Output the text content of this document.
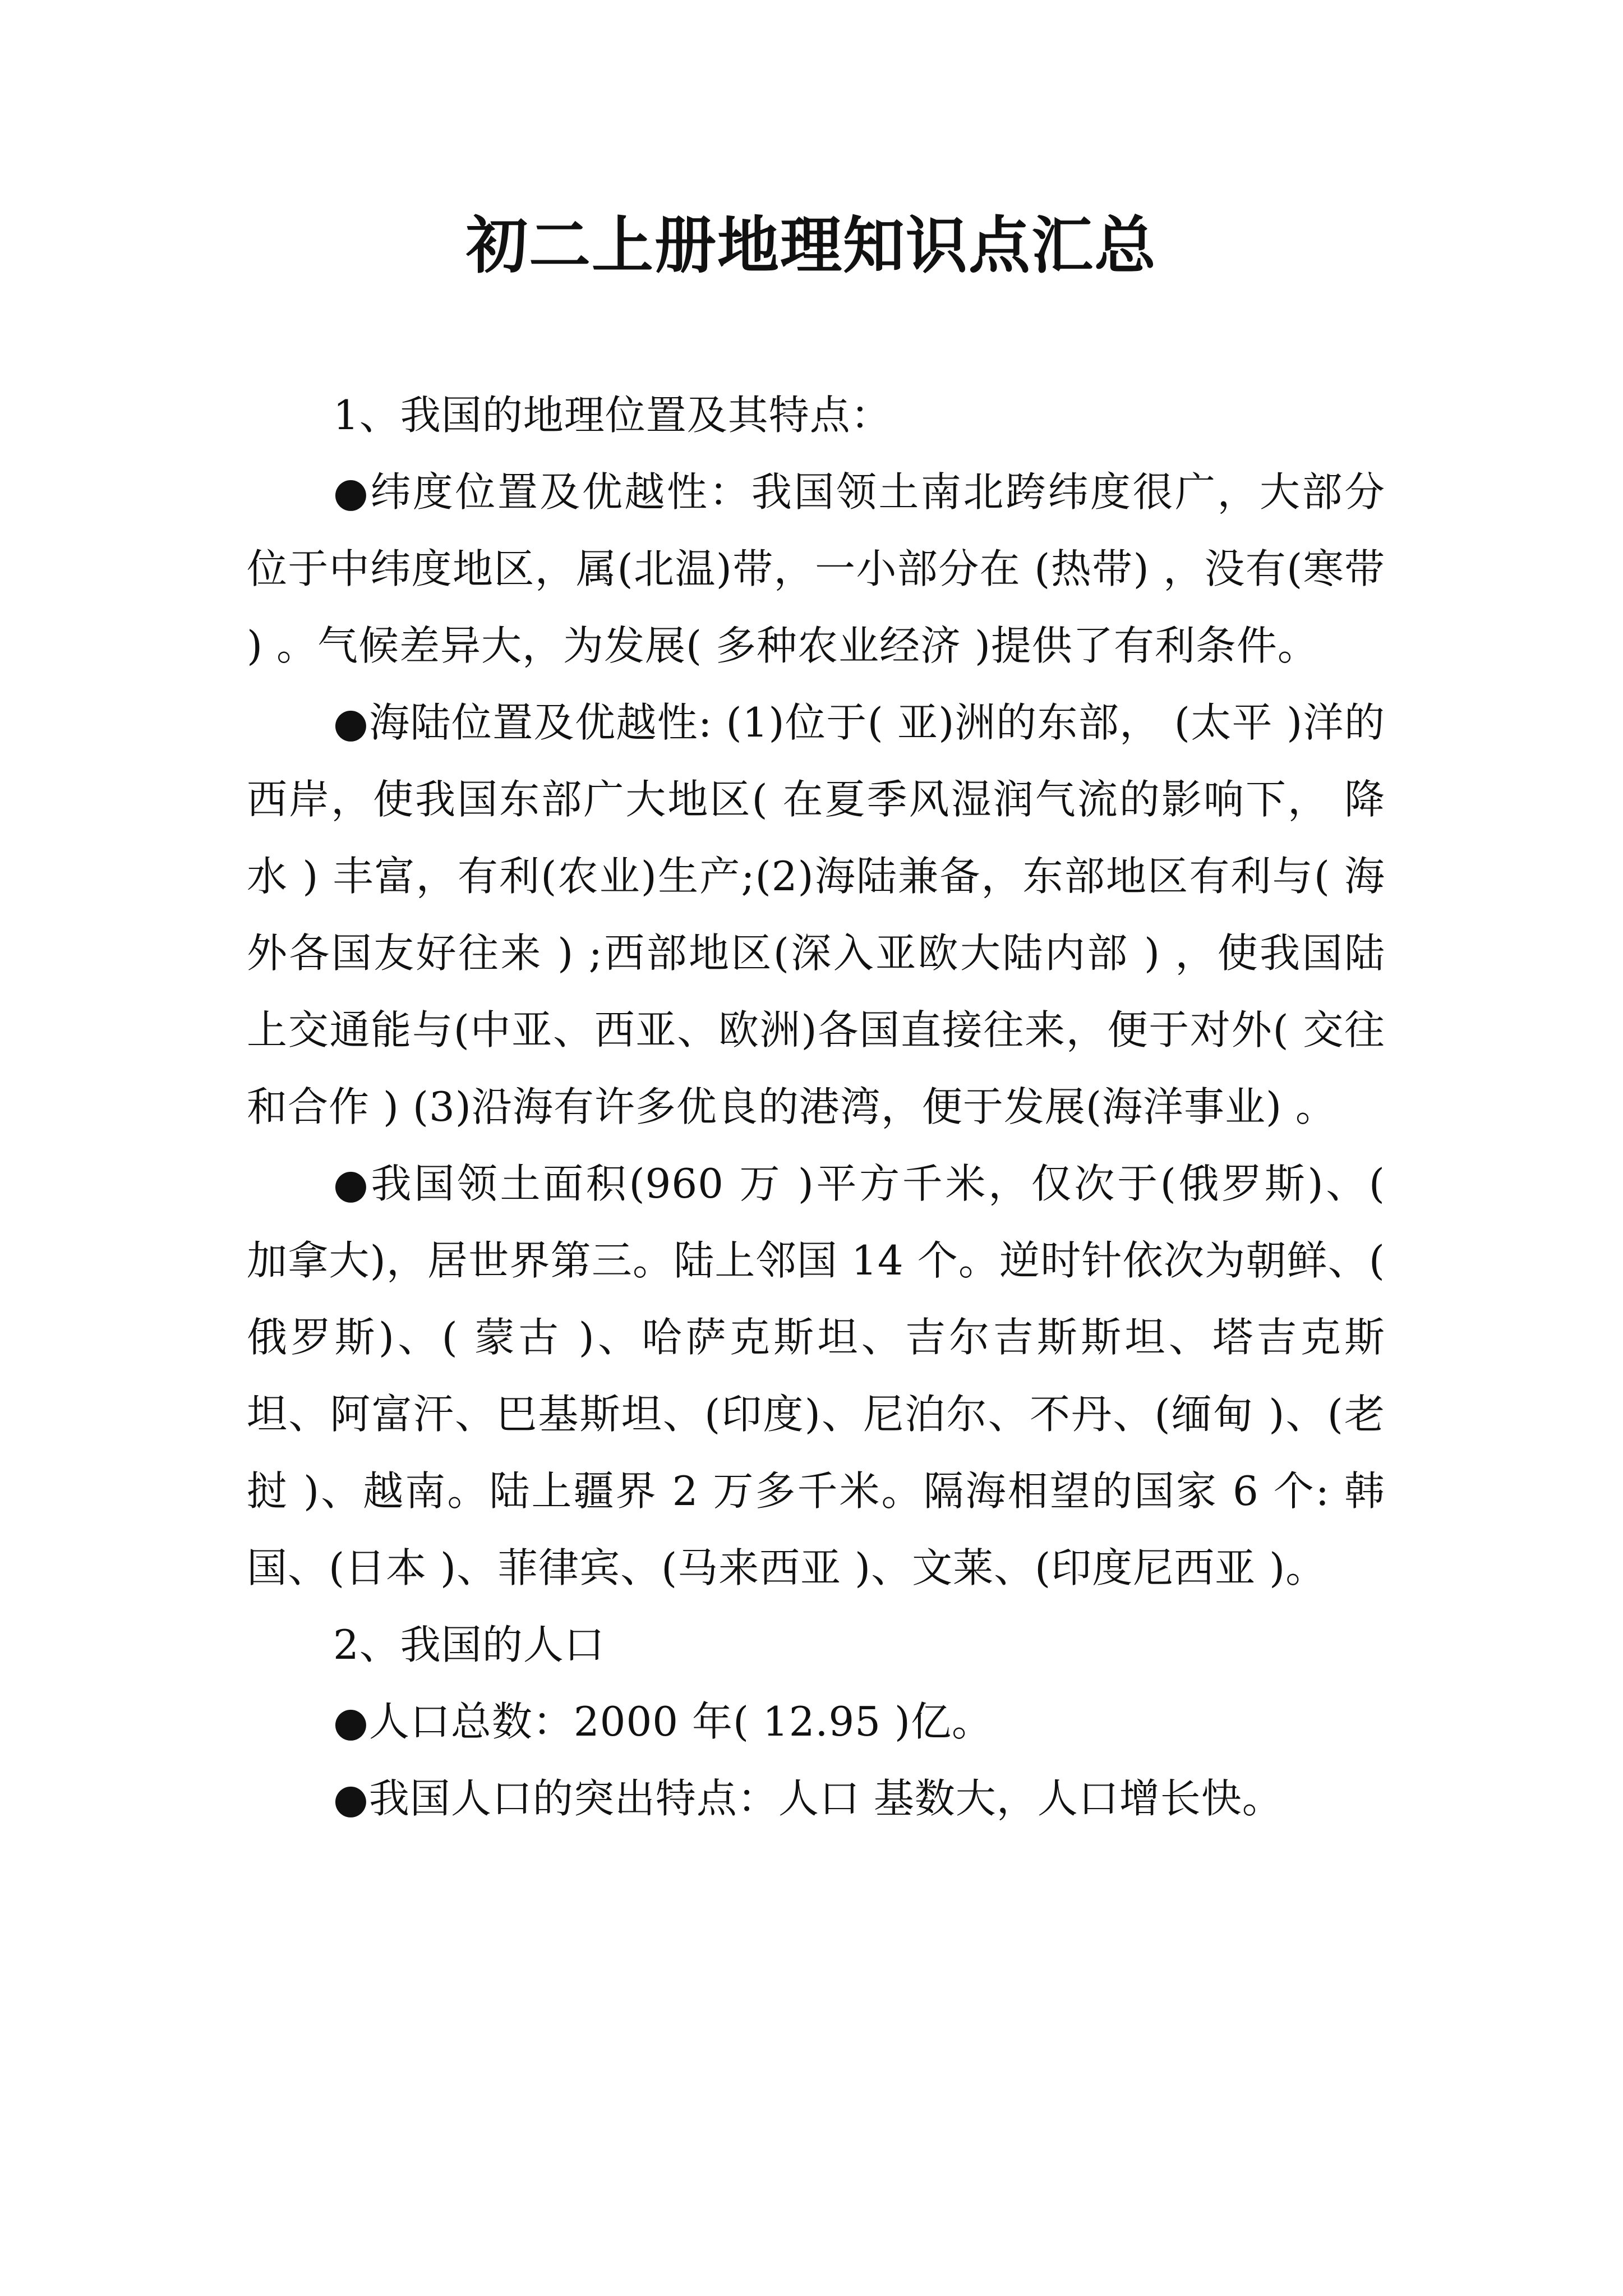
初二上册地理知识点汇总

1、我国的地理位置及其特点：

●纬度位置及优越性：我国领土南北跨纬度很广，大部分位于中纬度地区，属(北温)带，一小部分在 (热带) ，没有(寒带 ) 。气候差异大，为发展( 多种农业经济 )提供了有利条件。

●海陆位置及优越性: (1)位于( 亚)洲的东部， (太平 )洋的西岸，使我国东部广大地区( 在夏季风湿润气流的影响下， 降水 ) 丰富，有利(农业)生产;(2)海陆兼备，东部地区有利与( 海外各国友好往来 ) ;西部地区(深入亚欧大陆内部 ) ，使我国陆上交通能与(中亚、西亚、欧洲)各国直接往来，便于对外( 交往和合作 ) (3)沿海有许多优良的港湾，便于发展(海洋事业) 。

●我国领土面积(960 万 )平方千米，仅次于(俄罗斯)、( 加拿大)，居世界第三。陆上邻国 14 个。逆时针依次为朝鲜、( 俄罗斯)、( 蒙古 )、哈萨克斯坦、吉尔吉斯斯坦、塔吉克斯坦、阿富汗、巴基斯坦、(印度)、尼泊尔、不丹、(缅甸 )、(老挝 )、越南。陆上疆界 2 万多千米。隔海相望的国家 6 个: 韩国、(日本 )、菲律宾、(马来西亚 )、文莱、(印度尼西亚 )。

2、我国的人口

●人口总数：2000 年( 12.95 )亿。

●我国人口的突出特点：人口 基数大，人口增长快。
